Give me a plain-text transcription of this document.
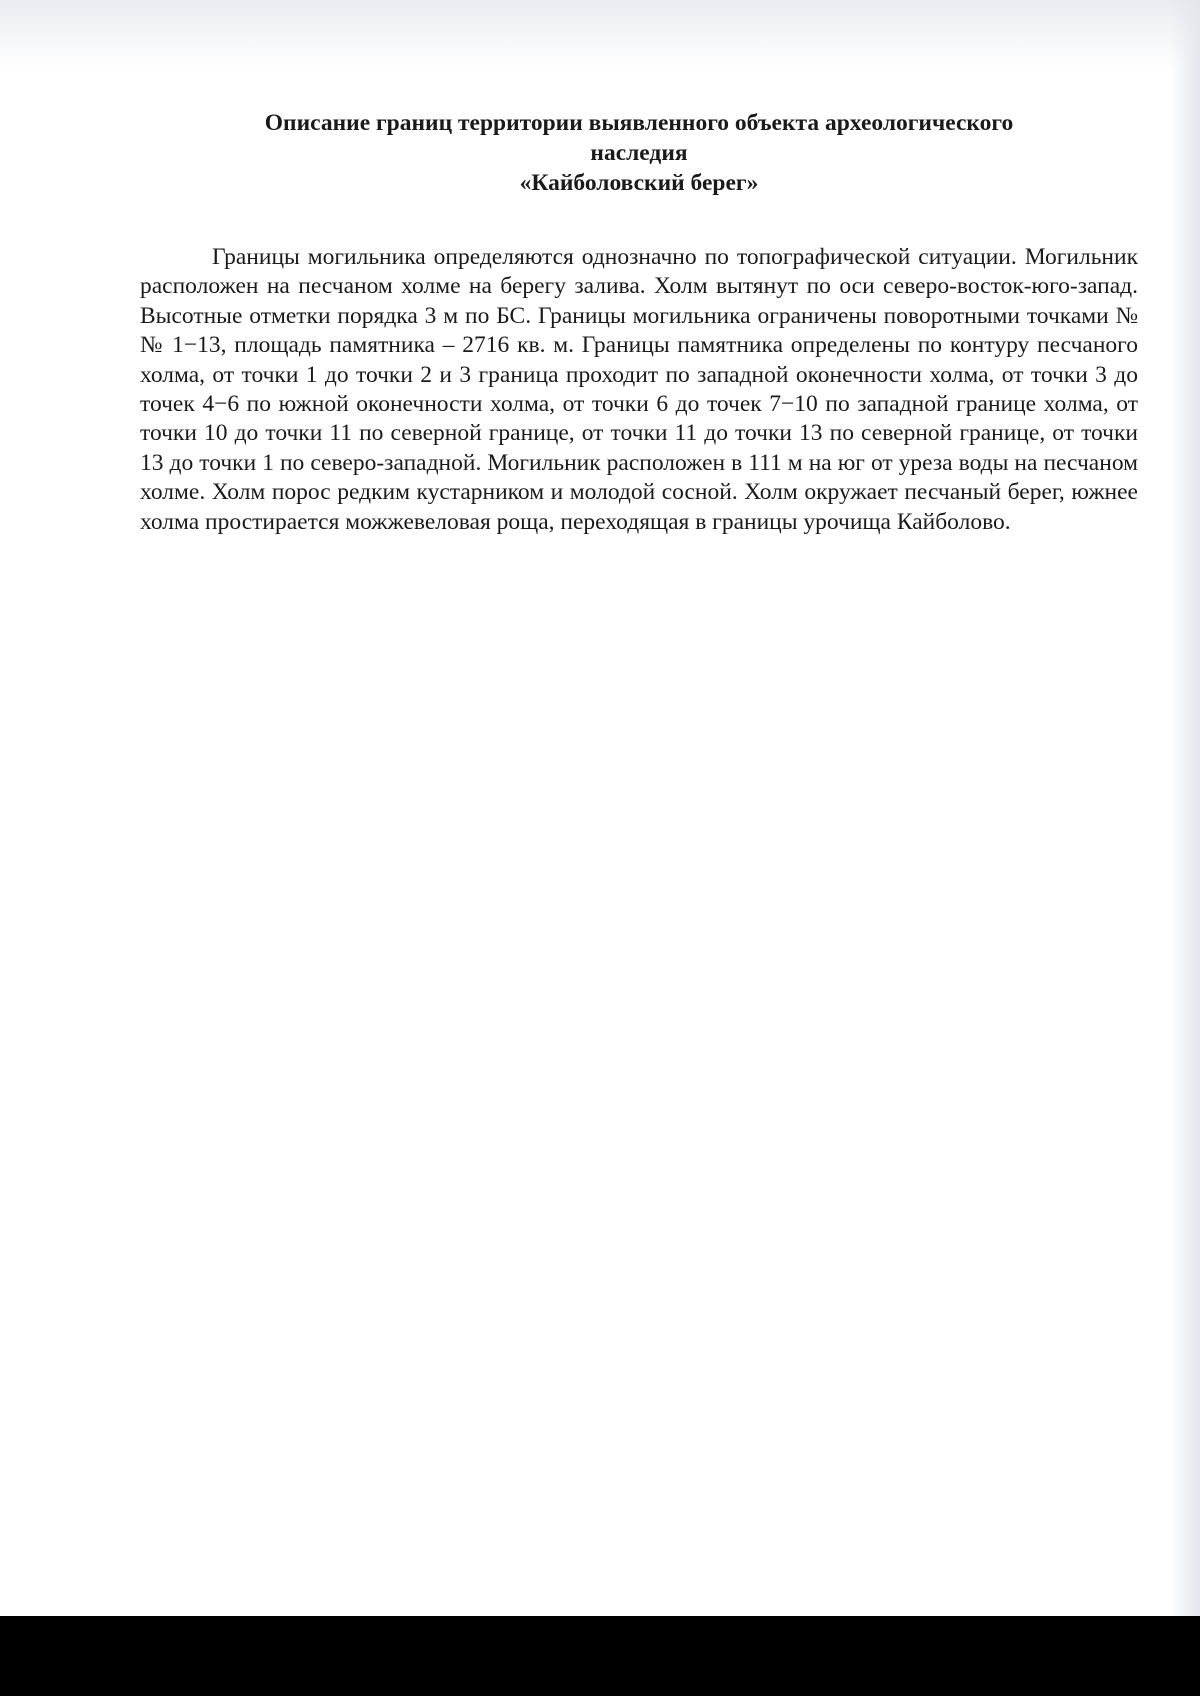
Описание границ территории выявленного объекта археологического
наследия
«Кайболовский берег»

Границы могильника определяются однозначно по топографической ситуации. Могильник расположен на песчаном холме на берегу залива. Холм вытянут по оси северо-восток-юго-запад. Высотные отметки порядка 3 м по БС. Границы могильника ограничены поворотными точками №№ 1−13, площадь памятника – 2716 кв. м. Границы памятника определены по контуру песчаного холма, от точки 1 до точки 2 и 3 граница проходит по западной оконечности холма, от точки 3 до точек 4−6 по южной оконечности холма, от точки 6 до точек 7−10 по западной границе холма, от точки 10 до точки 11 по северной границе, от точки 11 до точки 13 по северной границе, от точки 13 до точки 1 по северо-западной. Могильник расположен в 111 м на юг от уреза воды на песчаном холме. Холм порос редким кустарником и молодой сосной. Холм окружает песчаный берег, южнее холма простирается можжевеловая роща, переходящая в границы урочища Кайболово.
